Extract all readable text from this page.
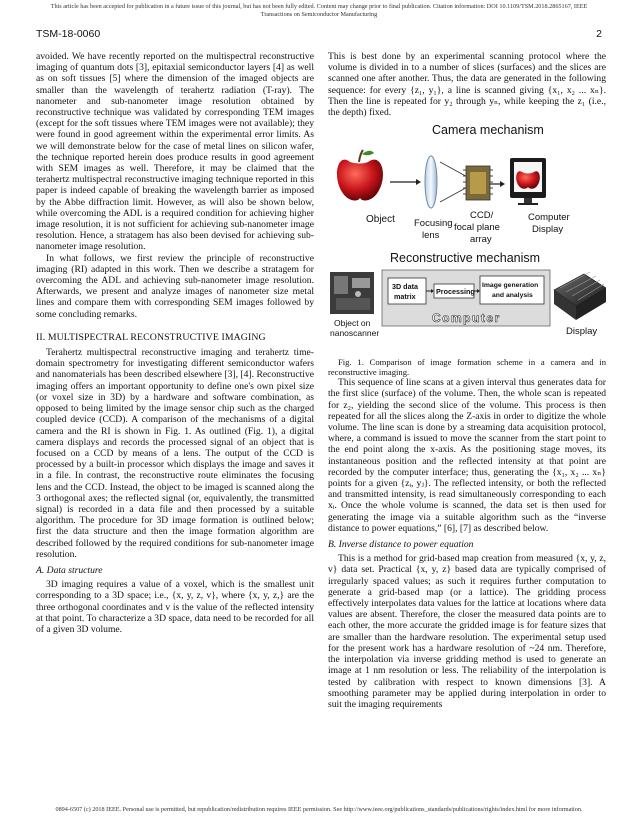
This article has been accepted for publication in a future issue of this journal, but has not been fully edited. Content may change prior to final publication. Citation information: DOI 10.1109/TSM.2018.2865167, IEEE
Transactions on Semiconductor Manufacturing
TSM-18-0060	2

avoided. We have recently reported on the multispectral reconstructive imaging of quantum dots [3], epitaxial semiconductor layers [4] as well as on soft tissues [5] where the dimension of the imaged objects are smaller than the wavelength of terahertz radiation (T-ray). The nanometer and sub-nanometer image resolution obtained by reconstructive technique was validated by corresponding TEM images (except for the soft tissues where TEM images were not available); they were found in good agreement within the experimental error limits. As we will demonstrate below for the case of metal lines on silicon wafer, the technique reported herein does produce results in good agreement with SEM images as well. Therefore, it may be claimed that the terahertz multispectral reconstructive imaging technique reported in this paper is indeed capable of breaking the wavelength barrier as imposed by the Abbe diffraction limit. However, as will also be shown below, while overcoming the ADL is a required condition for achieving higher image resolution, it is not sufficient for achieving sub-nanometer image resolution. Hence, a stratagem has also been devised for achieving sub-nanometer image resolution.

In what follows, we first review the principle of reconstructive imaging (RI) adapted in this work. Then we describe a stratagem for overcoming the ADL and achieving sub-nanometer image resolution. Afterwards, we present and analyze images of nanometer size metal lines and compare them with corresponding SEM images followed by some concluding remarks.

II. MULTISPECTRAL RECONSTRUCTIVE IMAGING

Terahertz multispectral reconstructive imaging and terahertz time-domain spectrometry for investigating different semiconductor wafers and nanomaterials has been described elsewhere [3], [4]. Reconstructive imaging offers an important opportunity to define one's own pixel size (or voxel size in 3D) by a hardware and software combination, as opposed to being limited by the image sensor chip such as the charged coupled device (CCD). A comparison of the mechanisms of a digital camera and the RI is shown in Fig. 1. As outlined (Fig. 1), a digital camera displays and records the processed signal of an object that is focused on a CCD by means of a lens. The output of the CCD is processed by a built-in processor which displays the image and saves it in a file. In contrast, the reconstructive route eliminates the focusing lens and the CCD. Instead, the object to be imaged is scanned along the 3 orthogonal axes; the reflected signal (or, equivalently, the transmitted signal) is recorded in a data file and then processed by a suitable algorithm. The procedure for 3D image formation is outlined below; first the data structure and then the image formation algorithm are described followed by the required conditions for sub-nanometer image resolution.

A. Data structure

3D imaging requires a value of a voxel, which is the smallest unit corresponding to a 3D space; i.e., {x, y, z, v}, where {x, y, z,} are the three orthogonal coordinates and v is the value of the reflected intensity at that point. To characterize a 3D space, data need to be recorded for all of a given 3D volume.

This is best done by an experimental scanning protocol where the volume is divided in to a number of slices (surfaces) and the slices are scanned one after another. Thus, the data are generated in the following sequence: for every {z₁, y₁}, a line is scanned giving {x₁, x₂ ... xₙ}. Then the line is repeated for y₂ through yₙ, while keeping the z₁ (i.e., the depth) fixed.

Camera mechanism
Object Focusing
lens
CCD/
focal plane
array
Computer
Display
Reconstructive mechanism
Object on
nanoscanner
3D data
matrix
Processing
Image generation
and analysis
Computer
Display

Fig. 1. Comparison of image formation scheme in a camera and in reconstructive imaging.

This sequence of line scans at a given interval thus generates data for the first slice (surface) of the volume. Then, the whole scan is repeated for z₂, yielding the second slice of the volume. This process is then repeated for all the slices along the Z-axis in order to digitize the whole volume. The line scan is done by a streaming data acquisition protocol, where, a command is issued to move the scanner from the start point to the end point along the x-axis. As the positioning stage moves, its instantaneous position and the reflected intensity at that point are recorded by the computer interface; thus, generating the {x₁, x₂ ... xₙ} points for a given {zᵢ, yⱼ}. The reflected intensity, or both the reflected and transmitted intensity, is read simultaneously corresponding to each xᵢ. Once the whole volume is scanned, the data set is then used for generating the image via a suitable algorithm such as the “inverse distance to power equations,” [6], [7] as described below.

B. Inverse distance to power equation

This is a method for grid-based map creation from measured {x, y, z, v} data set. Practical {x, y, z} based data are typically comprised of irregularly spaced values; as such it requires further computation to generate a grid-based map (or a lattice). The gridding process effectively interpolates data values for the lattice at locations where data values are absent. Therefore, the closer the measured data points are to each other, the more accurate the gridded image is for feature sizes that are smaller than the hardware resolution. The experimental setup used for the present work has a hardware resolution of ~24 nm. Therefore, the interpolation via inverse gridding method is used to generate an image at 1 nm resolution or less. The reliability of the interpolation is tested by calibration with respect to known dimensions [3]. A smoothing parameter may be applied during interpolation in order to suit the imaging requirements

0894-6507 (c) 2018 IEEE. Personal use is permitted, but republication/redistribution requires IEEE permission. See http://www.ieee.org/publications_standards/publications/rights/index.html for more information.
